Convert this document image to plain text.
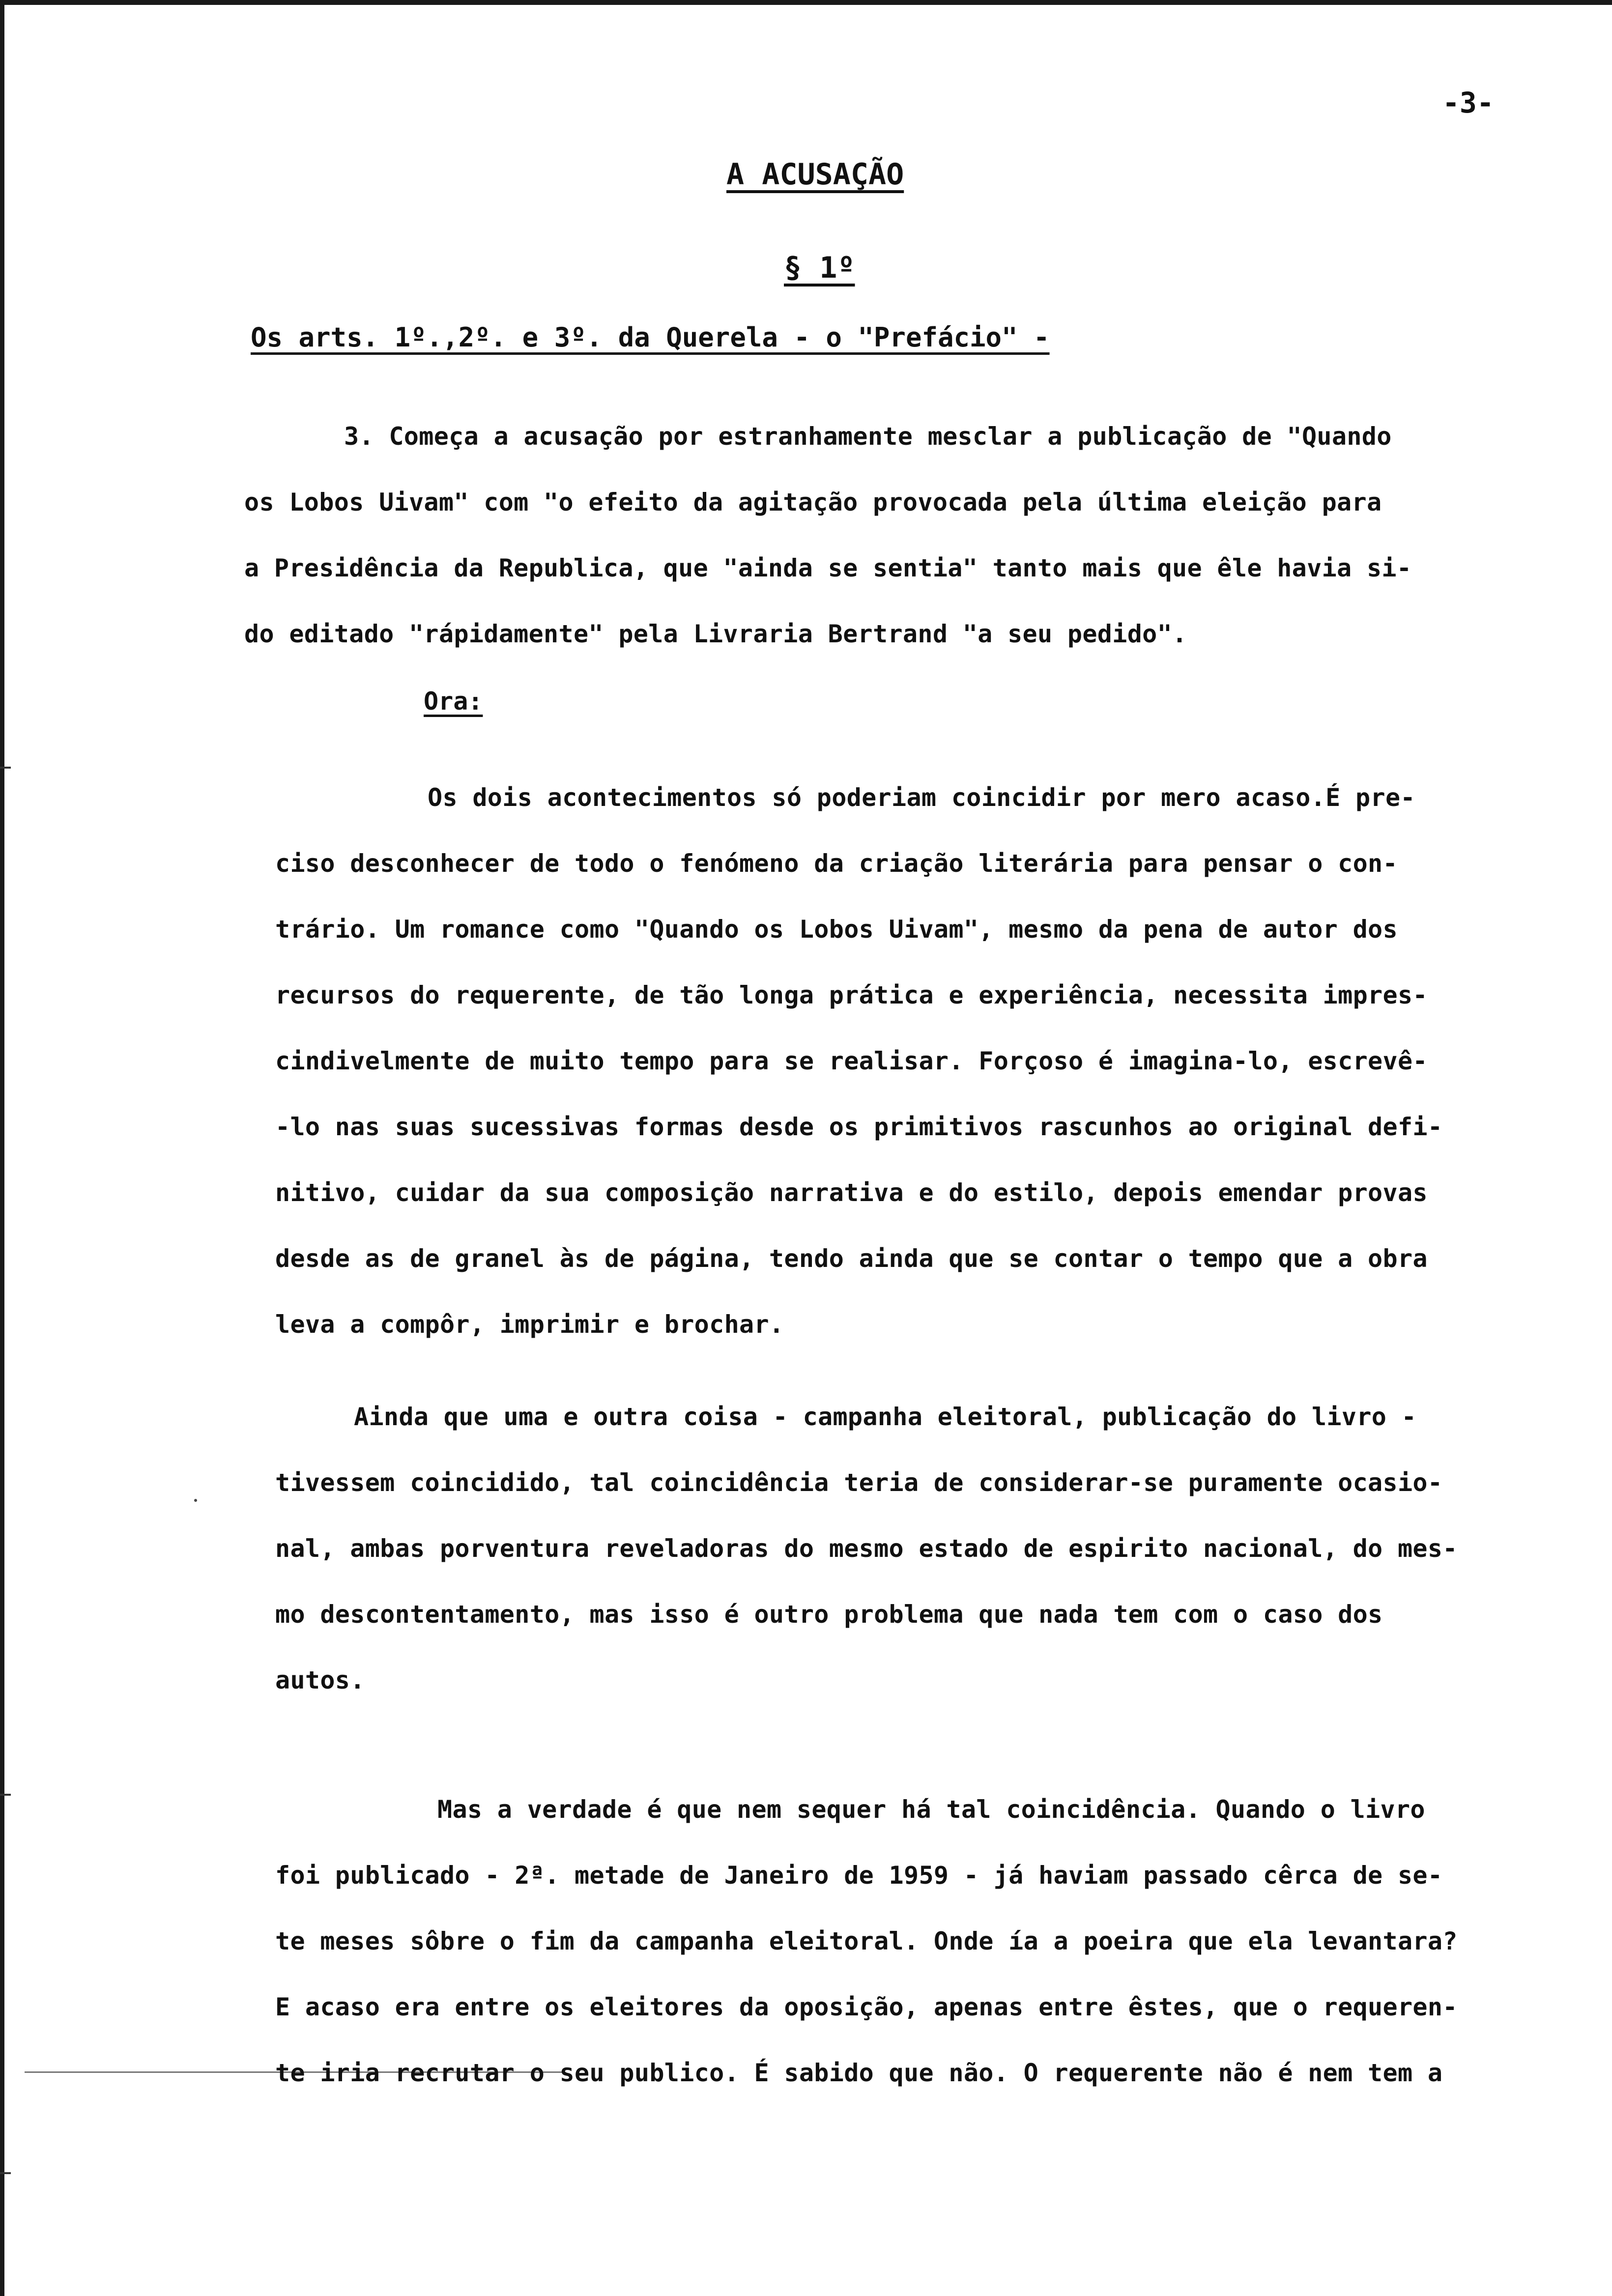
-3-
A ACUSAÇÃO
§ 1º
Os arts. 1º.,2º. e 3º. da Querela - o "Prefácio" -
3. Começa a acusação por estranhamente mesclar a publicação de "Quando
os Lobos Uivam" com "o efeito da agitação provocada pela última eleição para
a Presidência da Republica, que "ainda se sentia" tanto mais que êle havia si-
do editado "rápidamente" pela Livraria Bertrand "a seu pedido".
Ora:
Os dois acontecimentos só poderiam coincidir por mero acaso.É pre-
ciso desconhecer de todo o fenómeno da criação literária para pensar o con-
trário. Um romance como "Quando os Lobos Uivam", mesmo da pena de autor dos
recursos do requerente, de tão longa prática e experiência, necessita impres-
cindivelmente de muito tempo para se realisar. Forçoso é imagina-lo, escrevê-
-lo nas suas sucessivas formas desde os primitivos rascunhos ao original defi-
nitivo, cuidar da sua composição narrativa e do estilo, depois emendar provas
desde as de granel às de página, tendo ainda que se contar o tempo que a obra
leva a compôr, imprimir e brochar.
Ainda que uma e outra coisa - campanha eleitoral, publicação do livro -
tivessem coincidido, tal coincidência teria de considerar-se puramente ocasio-
nal, ambas porventura reveladoras do mesmo estado de espirito nacional, do mes-
mo descontentamento, mas isso é outro problema que nada tem com o caso dos
autos.
Mas a verdade é que nem sequer há tal coincidência. Quando o livro
foi publicado - 2ª. metade de Janeiro de 1959 - já haviam passado cêrca de se-
te meses sôbre o fim da campanha eleitoral. Onde ía a poeira que ela levantara?
E acaso era entre os eleitores da oposição, apenas entre êstes, que o requeren-
te iria recrutar o seu publico. É sabido que não. O requerente não é nem tem a
